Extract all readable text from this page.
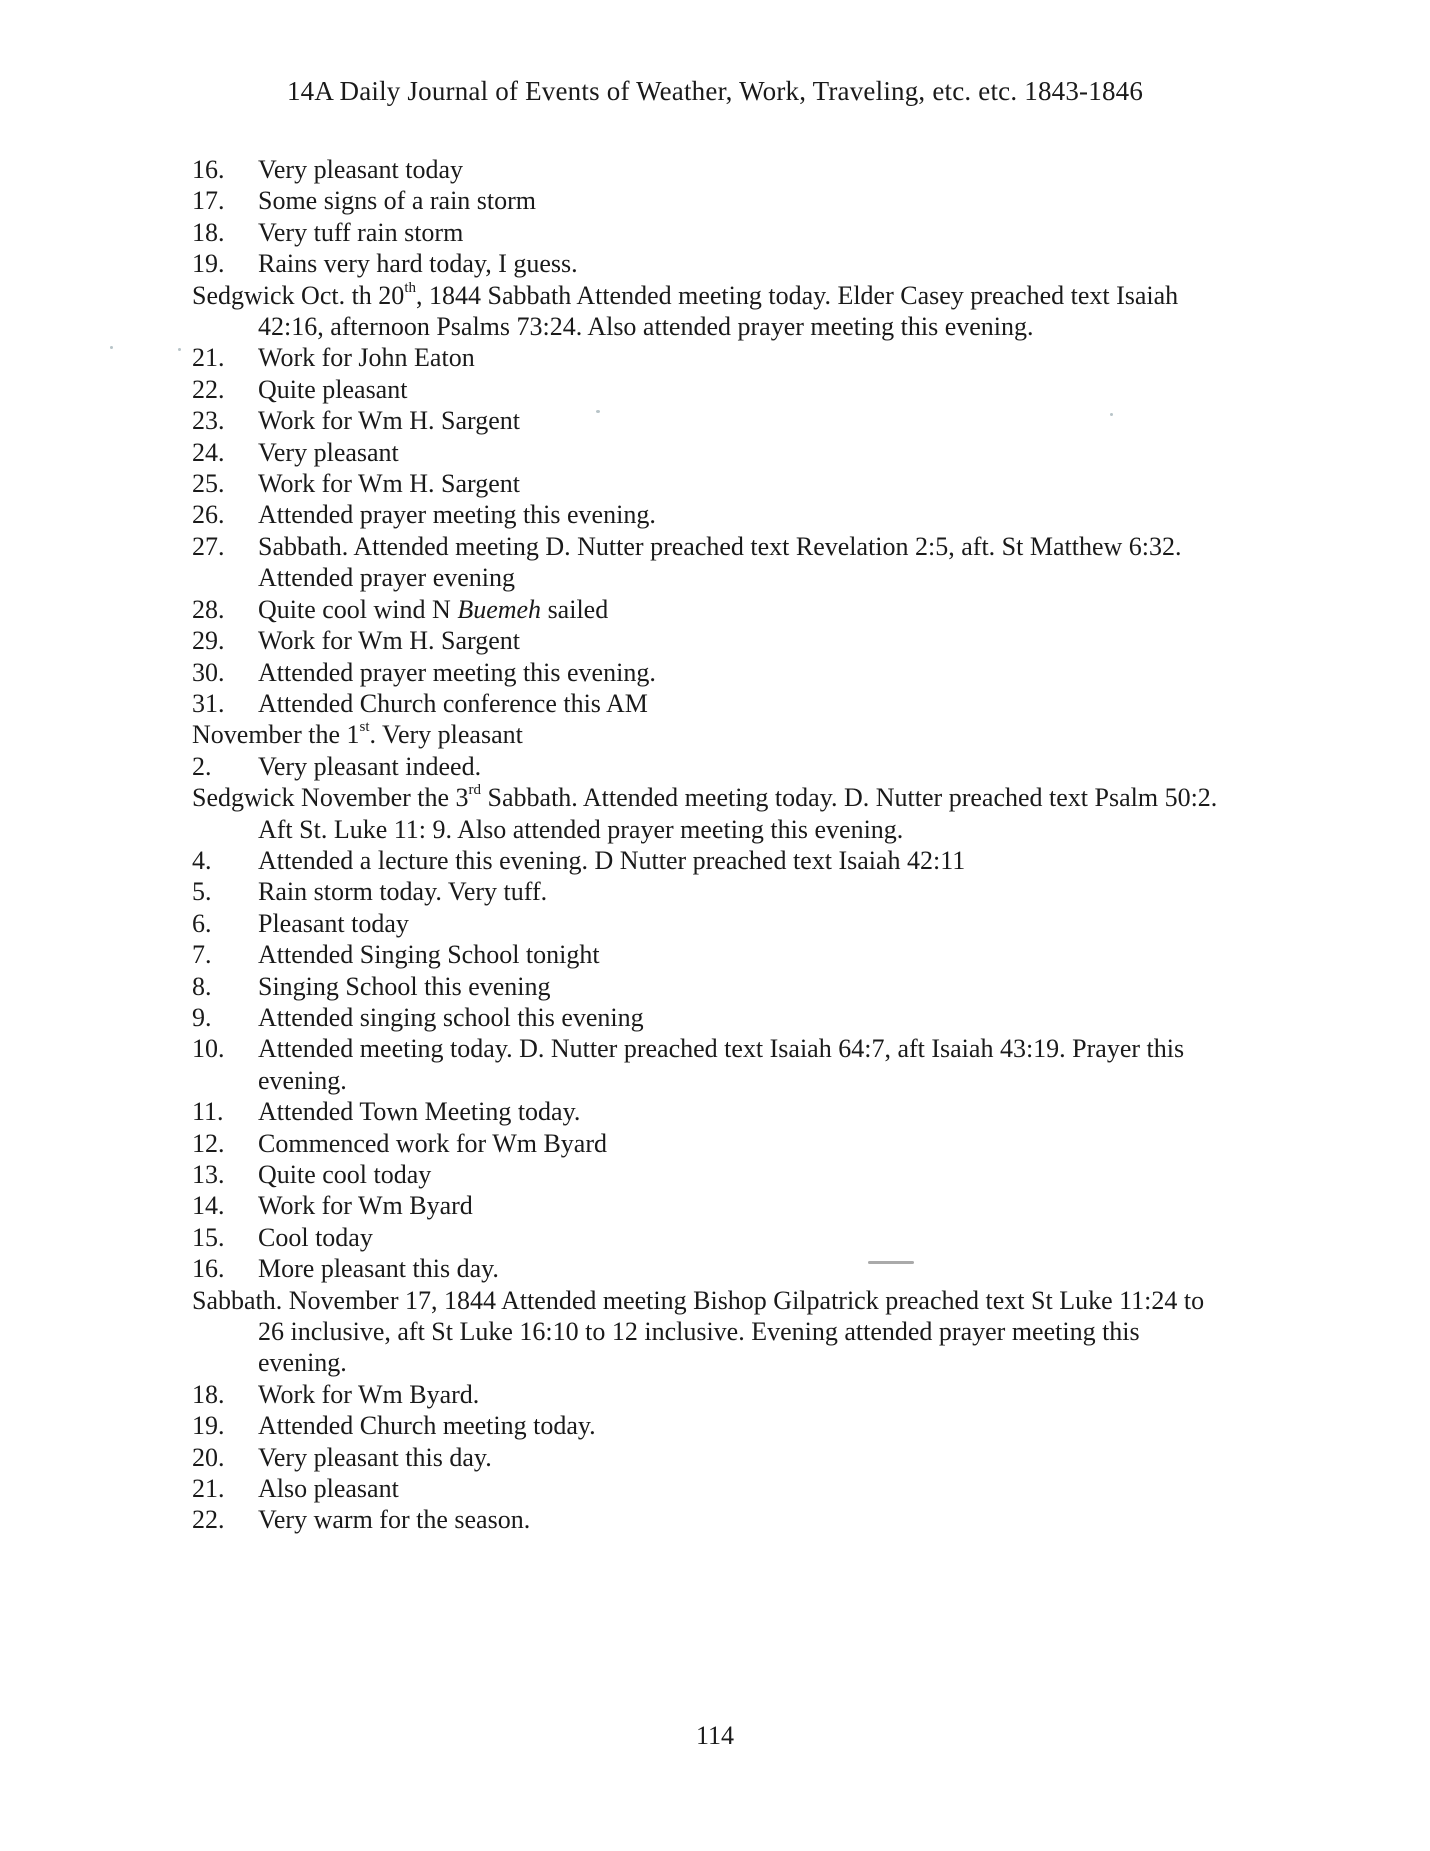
14A Daily Journal of Events of Weather, Work, Traveling, etc. etc. 1843-1846
16.	Very pleasant today
17.	Some signs of a rain storm
18.	Very tuff rain storm
19.	Rains very hard today, I guess.
Sedgwick Oct. th 20th, 1844 Sabbath Attended meeting today. Elder Casey preached text Isaiah 42:16, afternoon Psalms 73:24. Also attended prayer meeting this evening.
21.	Work for John Eaton
22.	Quite pleasant
23.	Work for Wm H. Sargent
24.	Very pleasant
25.	Work for Wm H. Sargent
26.	Attended prayer meeting this evening.
27.	Sabbath. Attended meeting D. Nutter preached text Revelation 2:5, aft. St Matthew 6:32. Attended prayer evening
28.	Quite cool wind N Buemeh sailed
29.	Work for Wm H. Sargent
30.	Attended prayer meeting this evening.
31.	Attended Church conference this AM
November the 1st. Very pleasant
2.	Very pleasant indeed.
Sedgwick November the 3rd Sabbath. Attended meeting today. D. Nutter preached text Psalm 50:2. Aft St. Luke 11: 9. Also attended prayer meeting this evening.
4.	Attended a lecture this evening. D Nutter preached text Isaiah 42:11
5.	Rain storm today. Very tuff.
6.	Pleasant today
7.	Attended Singing School tonight
8.	Singing School this evening
9.	Attended singing school this evening
10.	Attended meeting today. D. Nutter preached text Isaiah 64:7, aft Isaiah 43:19. Prayer this evening.
11.	Attended Town Meeting today.
12.	Commenced work for Wm Byard
13.	Quite cool today
14.	Work for Wm Byard
15.	Cool today
16.	More pleasant this day.
Sabbath. November 17, 1844 Attended meeting Bishop Gilpatrick preached text St Luke 11:24 to 26 inclusive, aft St Luke 16:10 to 12 inclusive. Evening attended prayer meeting this evening.
18.	Work for Wm Byard.
19.	Attended Church meeting today.
20.	Very pleasant this day.
21.	Also pleasant
22.	Very warm for the season.
114
